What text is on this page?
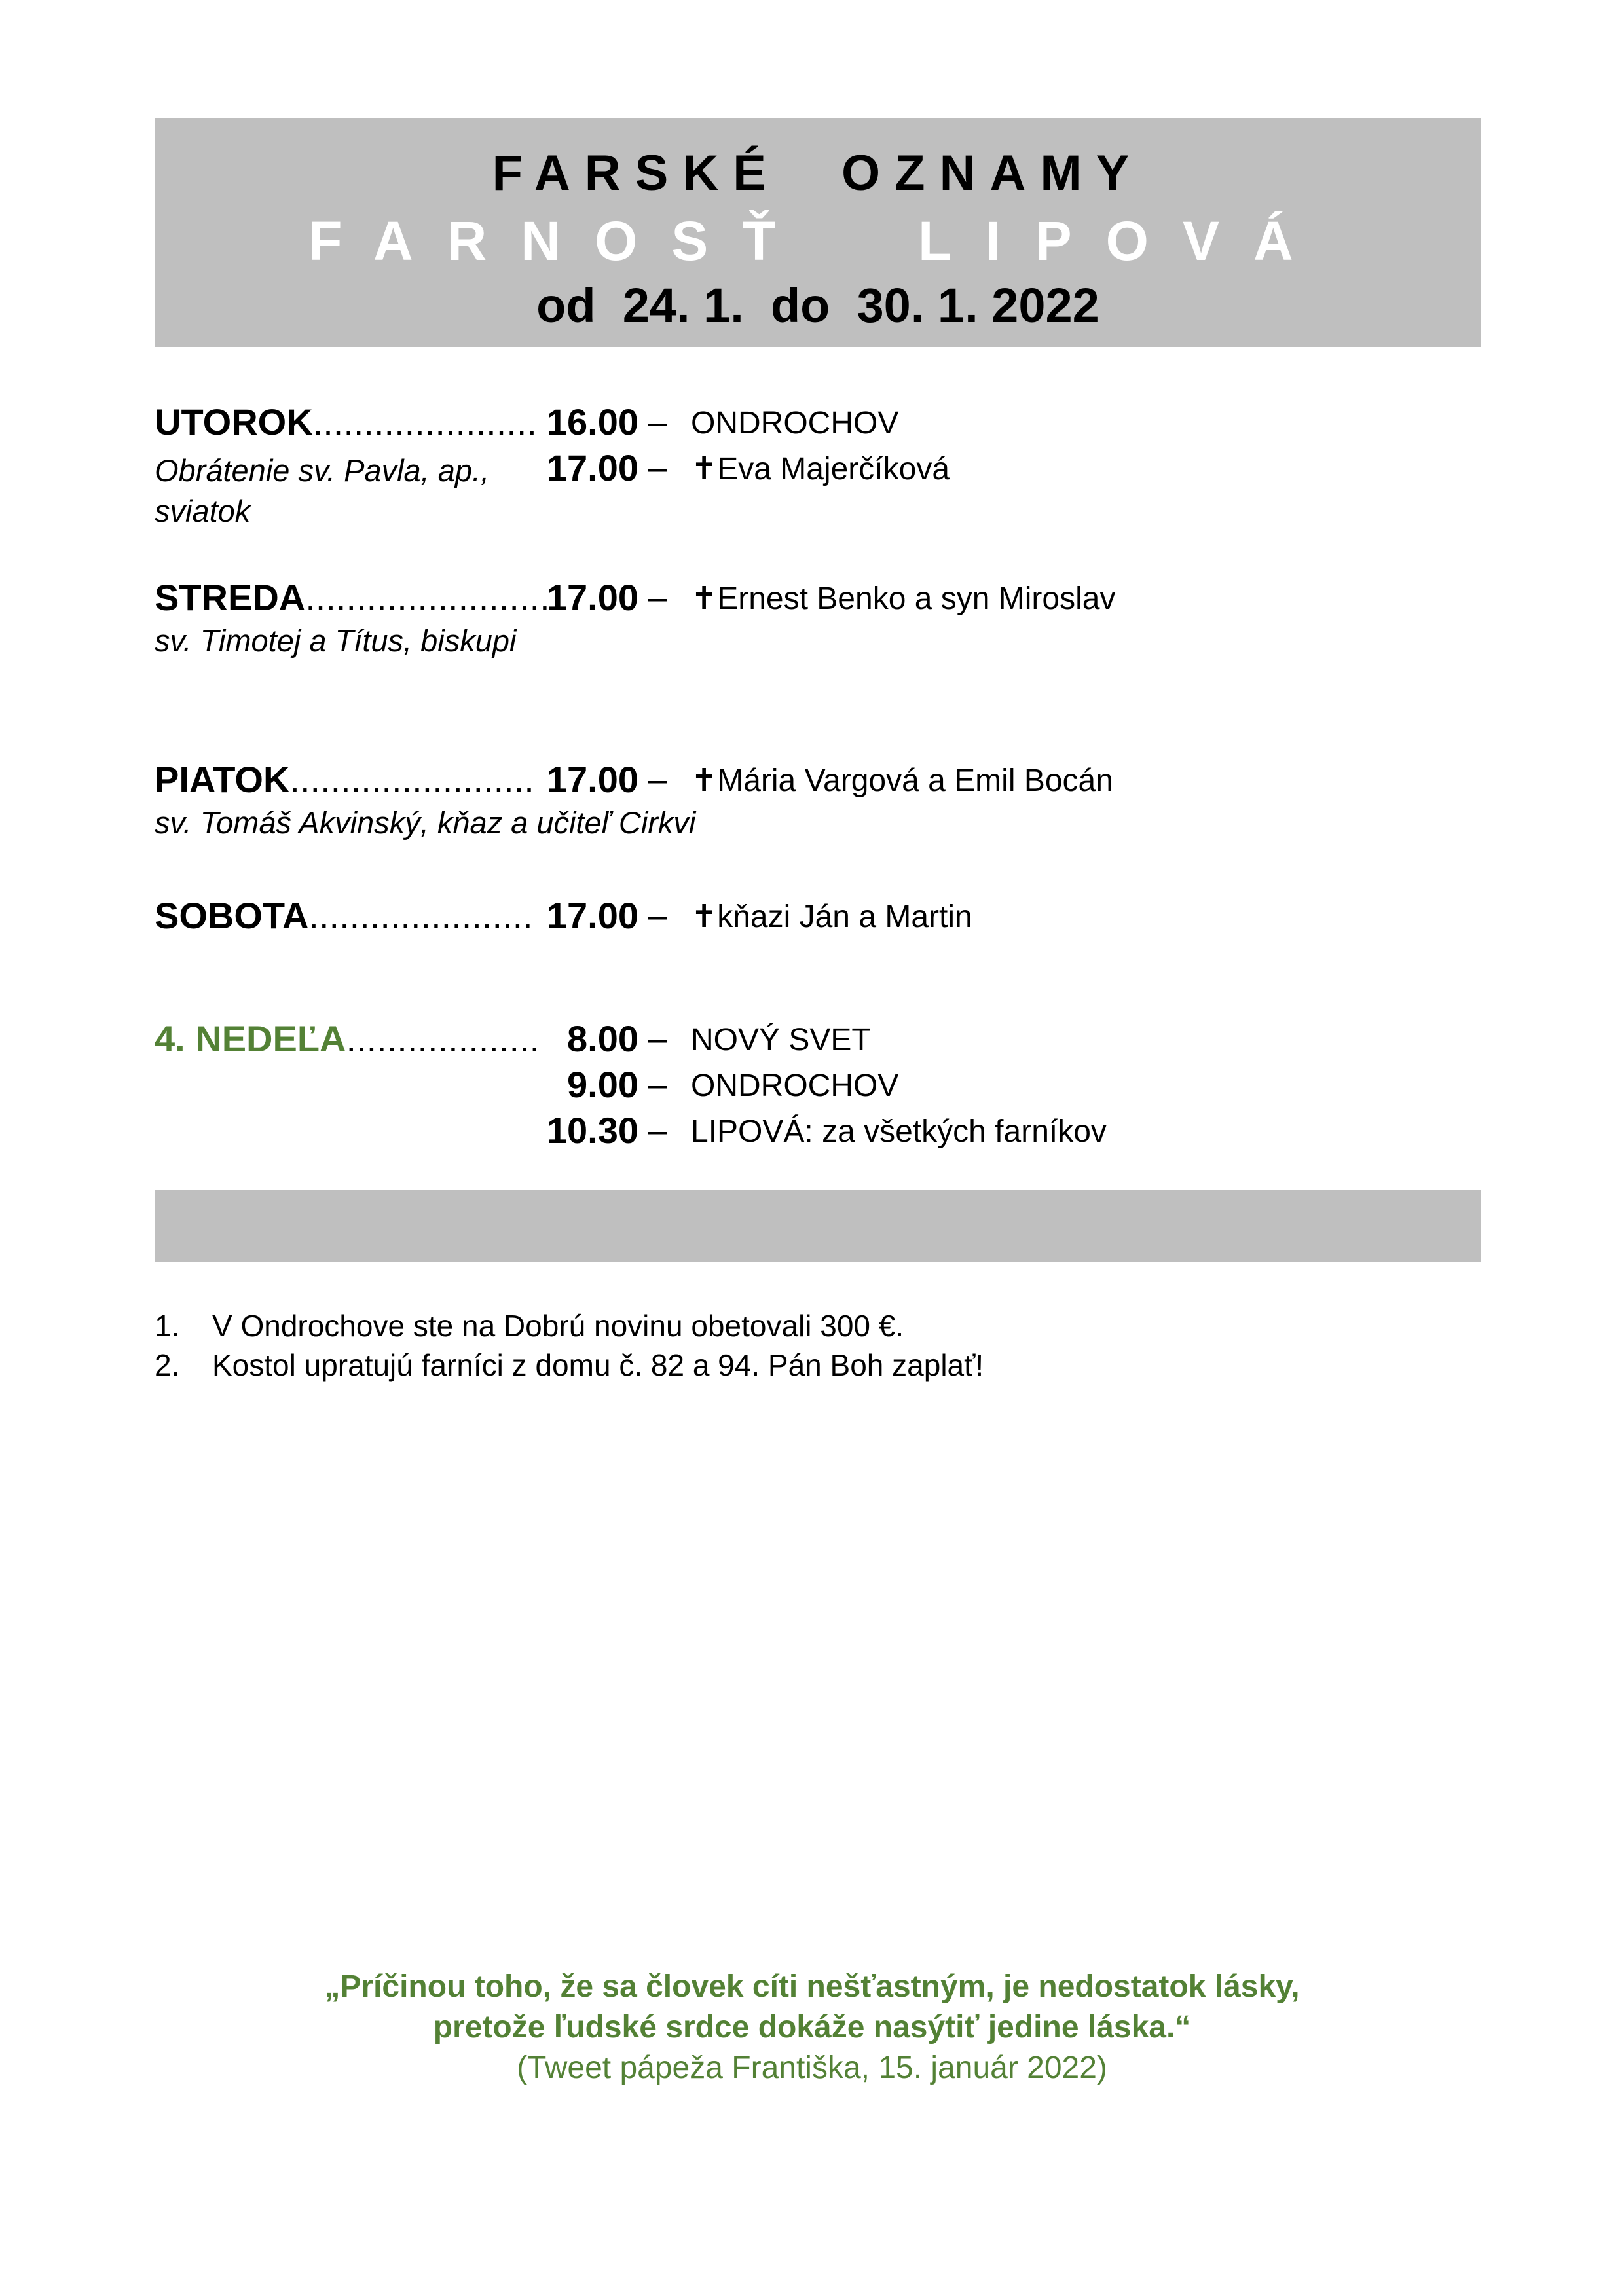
FARSKÉ OZNAMY
FARNOSŤ LIPOVÁ
od  24. 1.  do  30. 1. 2022
UTOROK...................... 16.00 – ONDROCHOV
17.00 – ✝Eva Majerčíková
Obrátenie sv. Pavla, ap.,
sviatok
STREDA........................
17.00 – ✝Ernest Benko a syn Miroslav
sv. Timotej a Títus, biskupi
PIATOK........................ 17.00 – ✝Mária Vargová a Emil Bocán
sv. Tomáš Akvinský, kňaz a učiteľ Cirkvi
SOBOTA...................... 17.00 – ✝kňazi Ján a Martin
4. NEDEĽA................... 8.00 – NOVÝ SVET
9.00 – ONDROCHOV
10.30 – LIPOVÁ: za všetkých farníkov
1. V Ondrochove ste na Dobrú novinu obetovali 300 €.
2. Kostol upratujú farníci z domu č. 82 a 94. Pán Boh zaplať!
„Príčinou toho, že sa človek cíti nešťastným, je nedostatok lásky,
pretože ľudské srdce dokáže nasýtiť jedine láska.“
(Tweet pápeža Františka, 15. január 2022)
